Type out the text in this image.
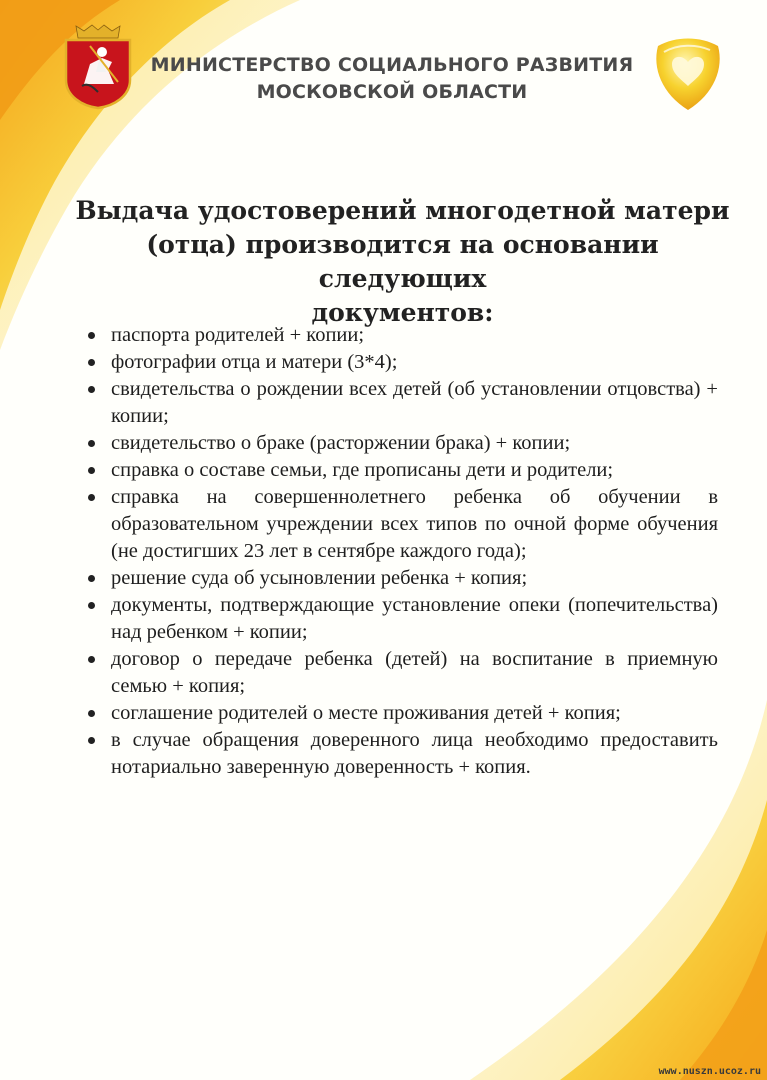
МИНИСТЕРСТВО СОЦИАЛЬНОГО РАЗВИТИЯ
МОСКОВСКОЙ ОБЛАСТИ
Выдача удостоверений многодетной матери
(отца) производится на основании следующих
документов:
паспорта родителей + копии;
фотографии отца и матери (3*4);
свидетельства о рождении всех детей (об установлении отцовства) + копии;
свидетельство о браке (расторжении брака) + копии;
справка о составе семьи, где прописаны дети и родители;
справка на совершеннолетнего ребенка об обучении в образовательном учреждении всех типов по очной форме обучения (не достигших 23 лет в сентябре каждого года);
решение суда об усыновлении ребенка + копия;
документы, подтверждающие установление опеки (попечительства) над ребенком + копии;
договор о передаче ребенка (детей) на воспитание в приемную семью + копия;
соглашение родителей о месте проживания детей + копия;
в случае обращения доверенного лица необходимо предоставить нотариально заверенную доверенность + копия.
www.nuszn.ucoz.ru
